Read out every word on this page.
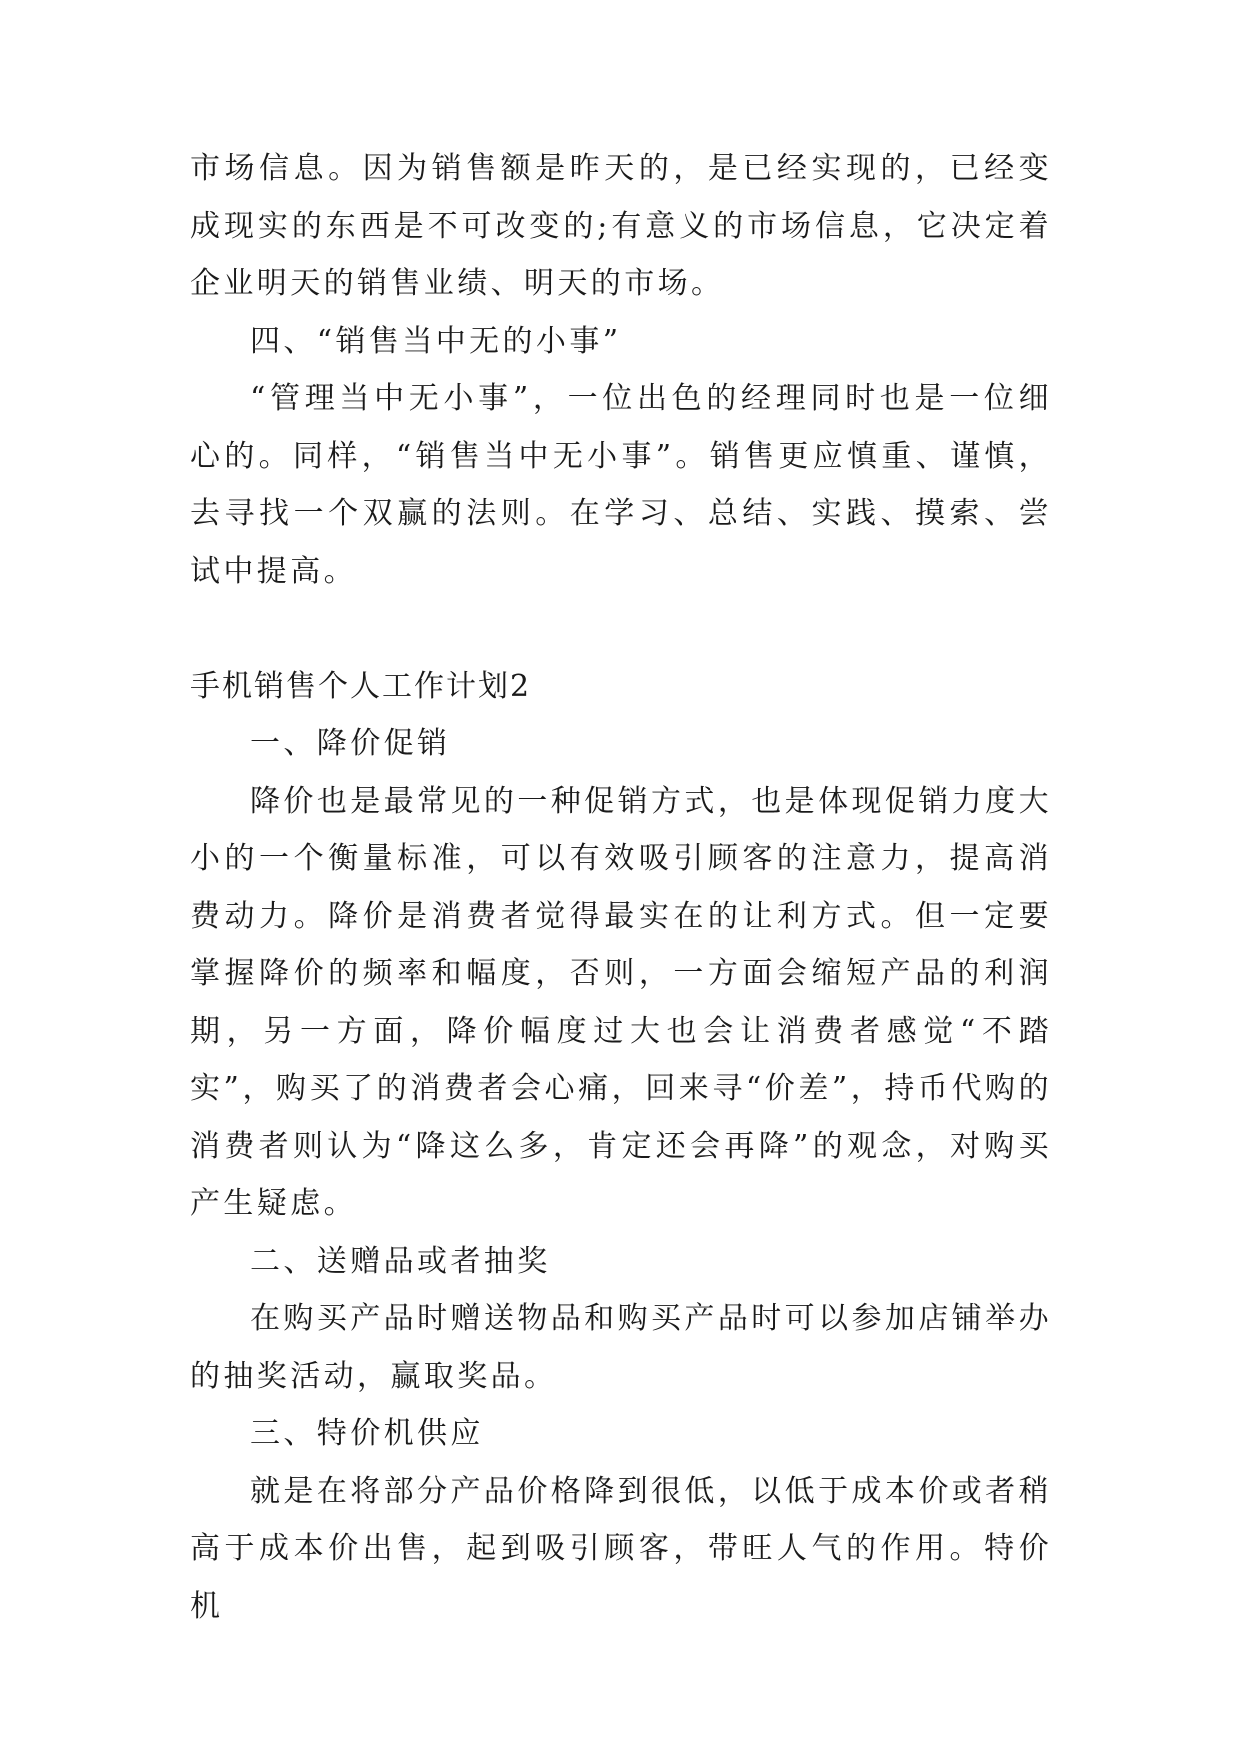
市场信息。因为销售额是昨天的，是已经实现的，已经变成现实的东西是不可改变的;有意义的市场信息，它决定着企业明天的销售业绩、明天的市场。

四、“销售当中无的小事”

“管理当中无小事”，一位出色的经理同时也是一位细心的。同样，“销售当中无小事”。销售更应慎重、谨慎，去寻找一个双赢的法则。在学习、总结、实践、摸索、尝试中提高。

手机销售个人工作计划2

一、降价促销

降价也是最常见的一种促销方式，也是体现促销力度大小的一个衡量标准，可以有效吸引顾客的注意力，提高消费动力。降价是消费者觉得最实在的让利方式。但一定要掌握降价的频率和幅度，否则，一方面会缩短产品的利润期，另一方面，降价幅度过大也会让消费者感觉“不踏实”，购买了的消费者会心痛，回来寻“价差”，持币代购的消费者则认为“降这么多，肯定还会再降”的观念，对购买产生疑虑。

二、送赠品或者抽奖

在购买产品时赠送物品和购买产品时可以参加店铺举办的抽奖活动，赢取奖品。

三、特价机供应

就是在将部分产品价格降到很低，以低于成本价或者稍高于成本价出售，起到吸引顾客，带旺人气的作用。特价机
